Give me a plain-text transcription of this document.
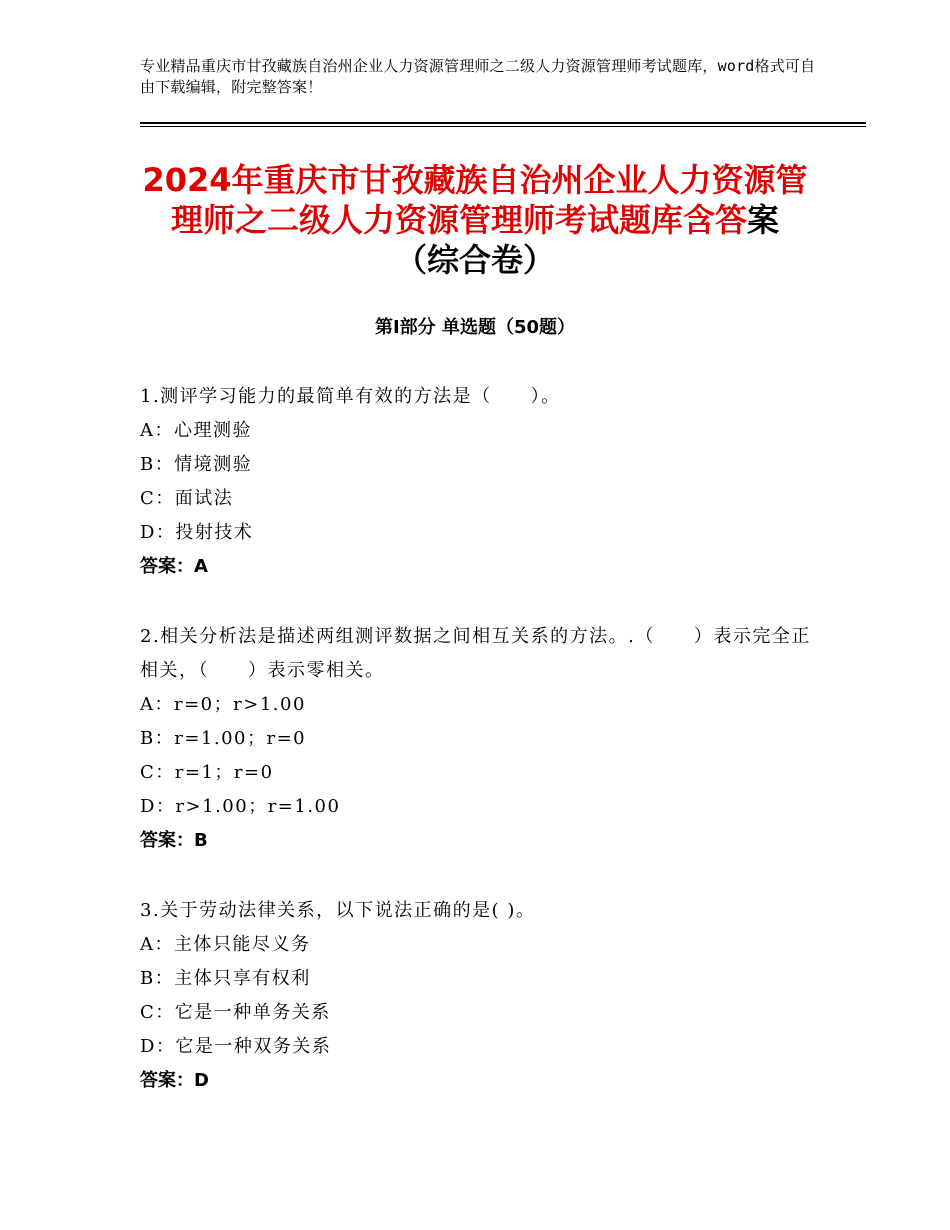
专业精品重庆市甘孜藏族自治州企业人力资源管理师之二级人力资源管理师考试题库，word格式可自由下载编辑，附完整答案！
2024年重庆市甘孜藏族自治州企业人力资源管理师之二级人力资源管理师考试题库含答案（综合卷）
第Ⅰ部分 单选题（50题）
1.测评学习能力的最简单有效的方法是（　　）。
A：心理测验
B：情境测验
C：面试法
D：投射技术
答案：A
2.相关分析法是描述两组测评数据之间相互关系的方法。.（　　）表示完全正相关，（　　）表示零相关。
A：r=0；r>1.00
B：r=1.00；r=0
C：r=1；r=0
D：r>1.00；r=1.00
答案：B
3.关于劳动法律关系，以下说法正确的是( )。
A：主体只能尽义务
B：主体只享有权利
C：它是一种单务关系
D：它是一种双务关系
答案：D
